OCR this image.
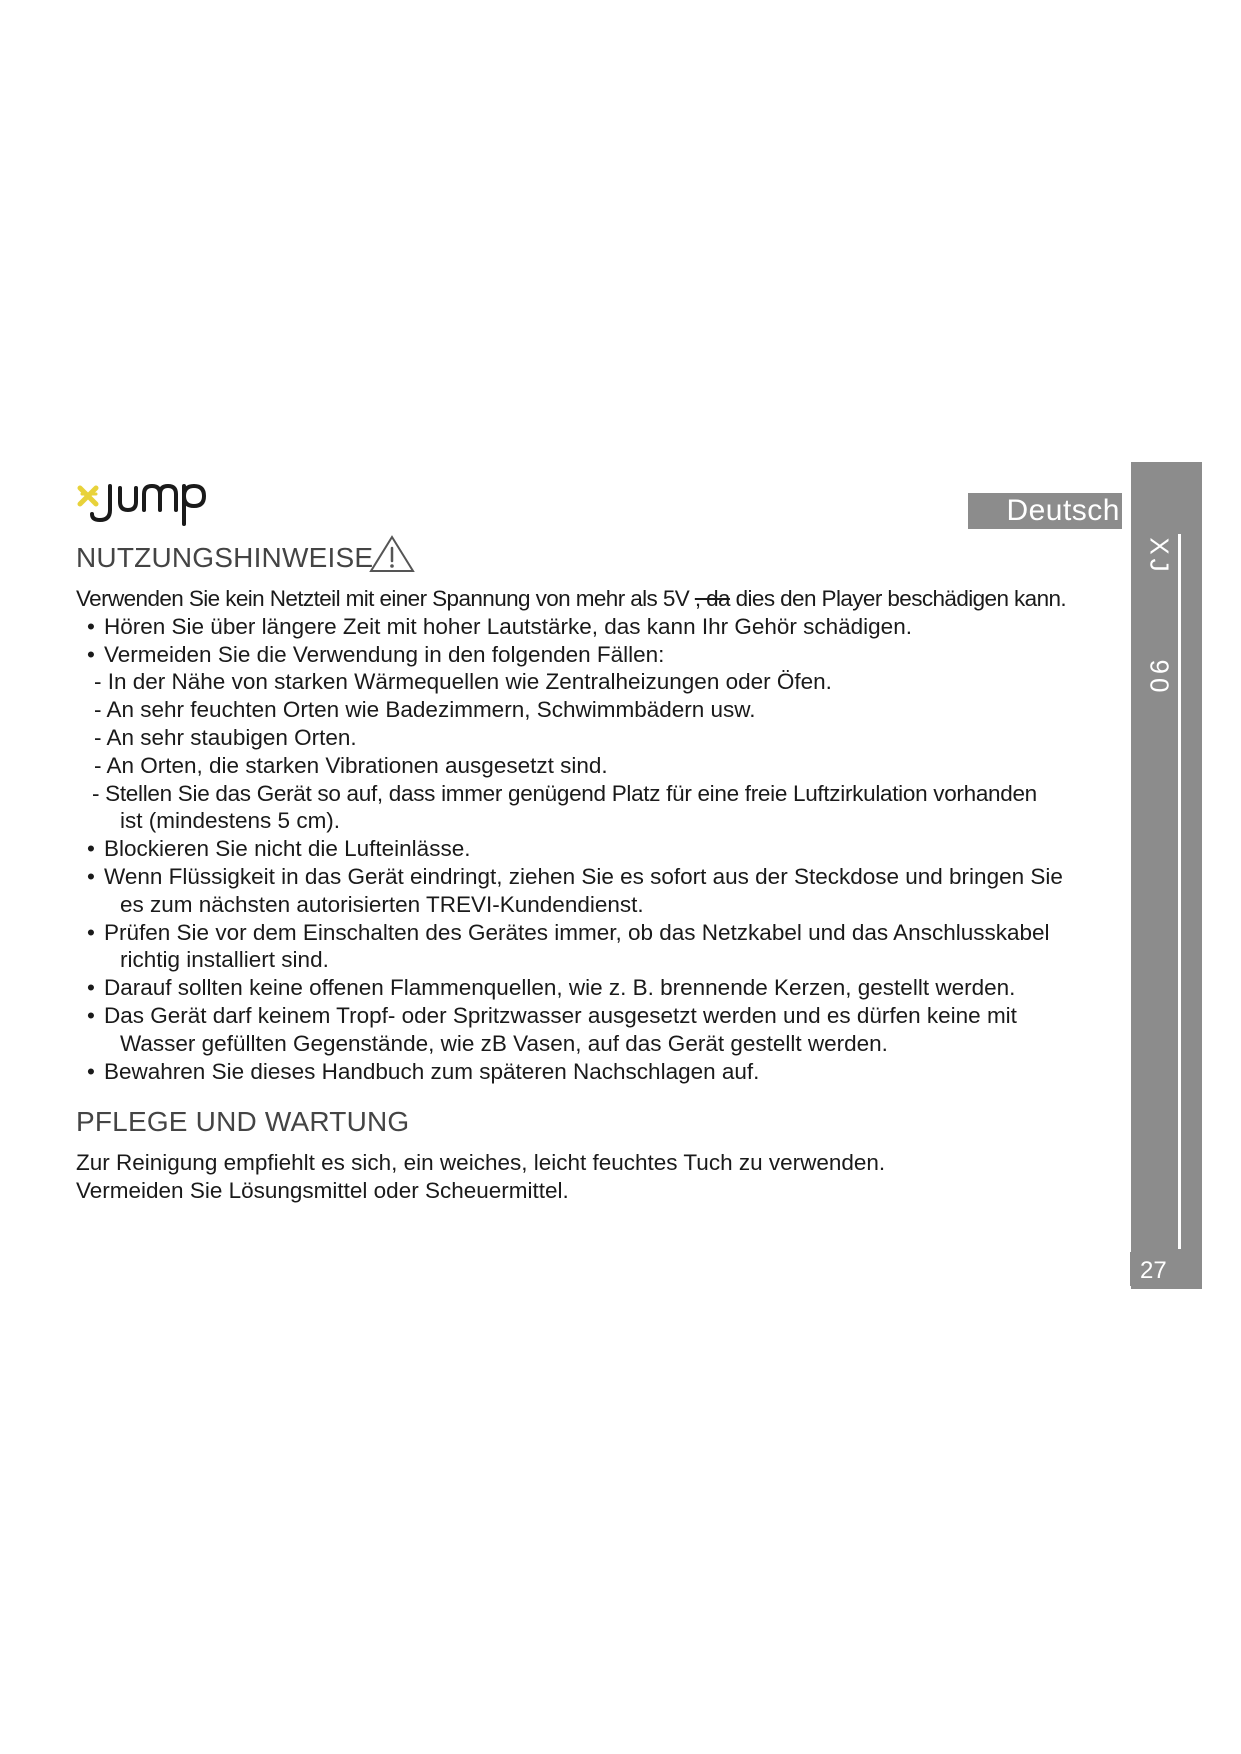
Deutsch
XJ
90
27
NUTZUNGSHINWEISE
Verwenden Sie kein Netzteil mit einer Spannung von mehr als 5V , da dies den Player beschädigen kann.
• Hören Sie über längere Zeit mit hoher Lautstärke, das kann Ihr Gehör schädigen.
• Vermeiden Sie die Verwendung in den folgenden Fällen:
- In der Nähe von starken Wärmequellen wie Zentralheizungen oder Öfen.
- An sehr feuchten Orten wie Badezimmern, Schwimmbädern usw.
- An sehr staubigen Orten.
- An Orten, die starken Vibrationen ausgesetzt sind.
- Stellen Sie das Gerät so auf, dass immer genügend Platz für eine freie Luftzirkulation vorhanden
ist (mindestens 5 cm).
• Blockieren Sie nicht die Lufteinlässe.
• Wenn Flüssigkeit in das Gerät eindringt, ziehen Sie es sofort aus der Steckdose und bringen Sie
es zum nächsten autorisierten TREVI-Kundendienst.
• Prüfen Sie vor dem Einschalten des Gerätes immer, ob das Netzkabel und das Anschlusskabel
richtig installiert sind.
• Darauf sollten keine offenen Flammenquellen, wie z. B. brennende Kerzen, gestellt werden.
• Das Gerät darf keinem Tropf- oder Spritzwasser ausgesetzt werden und es dürfen keine mit
Wasser gefüllten Gegenstände, wie zB Vasen, auf das Gerät gestellt werden.
• Bewahren Sie dieses Handbuch zum späteren Nachschlagen auf.
PFLEGE UND WARTUNG
Zur Reinigung empfiehlt es sich, ein weiches, leicht feuchtes Tuch zu verwenden.
Vermeiden Sie Lösungsmittel oder Scheuermittel.
